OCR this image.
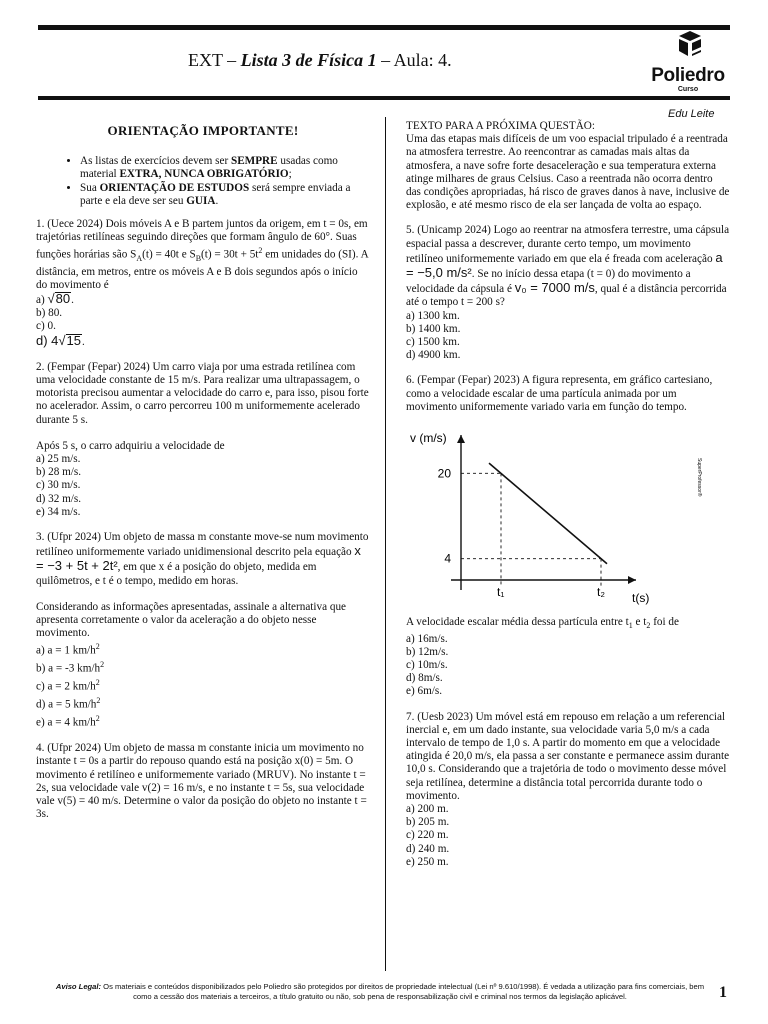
EXT – Lista 3 de Física 1 – Aula: 4.
Poliedro
Curso
Edu Leite
ORIENTAÇÃO IMPORTANTE!
• As listas de exercícios devem ser SEMPRE usadas como material EXTRA, NUNCA OBRIGATÓRIO;
• Sua ORIENTAÇÃO DE ESTUDOS será sempre enviada a parte e ela deve ser seu GUIA.

1. (Uece 2024) Dois móveis A e B partem juntos da origem, em t = 0s, em trajetórias retilíneas seguindo direções que formam ângulo de 60°. Suas funções horárias são $S_A(t) = 40t$ e $S_B(t) = 30t + 5t^2$ em unidades do (SI). A distância, em metros, entre os móveis A e B dois segundos após o início do movimento é

a) √80.
b) 80.
c) 0.
d) 4√15.

2. (Fempar (Fepar) 2024) Um carro viaja por uma estrada retilínea com uma velocidade constante de 15 m/s. Para realizar uma ultrapassagem, o motorista precisou aumentar a velocidade do carro e, para isso, pisou forte no acelerador. Assim, o carro percorreu 100 m uniformemente acelerado durante 5 s.

Após 5 s, o carro adquiriu a velocidade de

a) 25 m/s.
b) 28 m/s.
c) 30 m/s.
d) 32 m/s.
e) 34 m/s.

3. (Ufpr 2024) Um objeto de massa m constante move-se num movimento retilíneo uniformemente variado unidimensional descrito pela equação x = −3 + 5t + 2t², em que x é a posição do objeto, medida em quilômetros, e t é o tempo, medido em horas.

Considerando as informações apresentadas, assinale a alternativa que apresenta corretamente o valor da aceleração a do objeto nesse movimento.

a) a = 1 $km/h^2$
b) a = -3 $km/h^2$
c) a = 2 $km/h^2$
d) a = 5 $km/h^2$
e) a = 4 $km/h^2$

4. (Ufpr 2024) Um objeto de massa m constante inicia um movimento no instante t = 0s a partir do repouso quando está na posição x(0) = 5m. O movimento é retilíneo e uniformemente variado (MRUV). No instante t = 2s, sua velocidade vale v(2) = 16 m/s, e no instante t = 5s, sua velocidade vale v(5) = 40 m/s. Determine o valor da posição do objeto no instante t = 3s.

TEXTO PARA A PRÓXIMA QUESTÃO:

Uma das etapas mais difíceis de um voo espacial tripulado é a reentrada na atmosfera terrestre. Ao reencontrar as camadas mais altas da atmosfera, a nave sofre forte desaceleração e sua temperatura externa atinge milhares de graus Celsius. Caso a reentrada não ocorra dentro das condições apropriadas, há risco de graves danos à nave, inclusive de explosão, e até mesmo risco de ela ser lançada de volta ao espaço.

5. (Unicamp 2024) Logo ao reentrar na atmosfera terrestre, uma cápsula espacial passa a descrever, durante certo tempo, um movimento retilíneo uniformemente variado em que ela é freada com aceleração a = −5,0 m/s². Se no início dessa etapa (t = 0) do movimento a velocidade da cápsula é v₀ = 7000 m/s, qual é a distância percorrida até o tempo t = 200 s?

a) 1300 km.
b) 1400 km.
c) 1500 km.
d) 4900 km.

6. (Fempar (Fepar) 2023) A figura representa, em gráfico cartesiano, como a velocidade escalar de uma partícula animada por um movimento uniformemente variado varia em função do tempo.

v (m/s)
t(s)
20
4
t₁	t₂
SuperProfessor®

A velocidade escalar média dessa partícula entre $t_1$ e $t_2$ foi de

a) 16m/s.
b) 12m/s.
c) 10m/s.
d) 8m/s.
e) 6m/s.

7. (Uesb 2023) Um móvel está em repouso em relação a um referencial inercial e, em um dado instante, sua velocidade varia 5,0 m/s a cada intervalo de tempo de 1,0 s. A partir do momento em que a velocidade atingida é 20,0 m/s, ela passa a ser constante e permanece assim durante 10,0 s. Considerando que a trajetória de todo o movimento desse móvel seja retilínea, determine a distância total percorrida durante todo o movimento.

a) 200 m.
b) 205 m.
c) 220 m.
d) 240 m.
e) 250 m.
Aviso Legal: Os materiais e conteúdos disponibilizados pelo Poliedro são protegidos por direitos de propriedade intelectual (Lei nº 9.610/1998). É vedada a utilização para fins comerciais, bem como a cessão dos materiais a terceiros, a título gratuito ou não, sob pena de responsabilização civil e criminal nos termos da legislação aplicável.	1
